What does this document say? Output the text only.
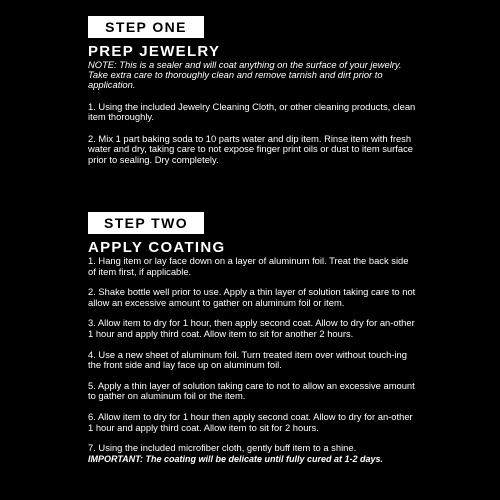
STEP ONE
PREP JEWELRY

NOTE: This is a sealer and will coat anything on the surface of your jewelry. Take extra care to thoroughly clean and remove tarnish and dirt prior to application.

1. Using the included Jewelry Cleaning Cloth, or other cleaning products, clean item thoroughly.

2. Mix 1 part baking soda to 10 parts water and dip item. Rinse item with fresh water and dry, taking care to not expose finger print oils or dust to item surface prior to sealing. Dry completely.

STEP TWO
APPLY COATING

1. Hang item or lay face down on a layer of aluminum foil. Treat the back side of item first, if applicable.

2. Shake bottle well prior to use. Apply a thin layer of solution taking care to not allow an excessive amount to gather on aluminum foil or item.

3. Allow item to dry for 1 hour, then apply second coat. Allow to dry for an-other 1 hour and apply third coat. Allow item to sit for another 2 hours.

4. Use a new sheet of aluminum foil. Turn treated item over without touch-ing the front side and lay face up on aluminum foil.

5. Apply a thin layer of solution taking care to not to allow an excessive amount to gather on aluminum foil or the item.

6. Allow item to dry for 1 hour then apply second coat. Allow to dry for an-other 1 hour and apply third coat. Allow item to sit for 2 hours.

7. Using the included microfiber cloth, gently buff item to a shine.

IMPORTANT: The coating will be delicate until fully cured at 1-2 days.
